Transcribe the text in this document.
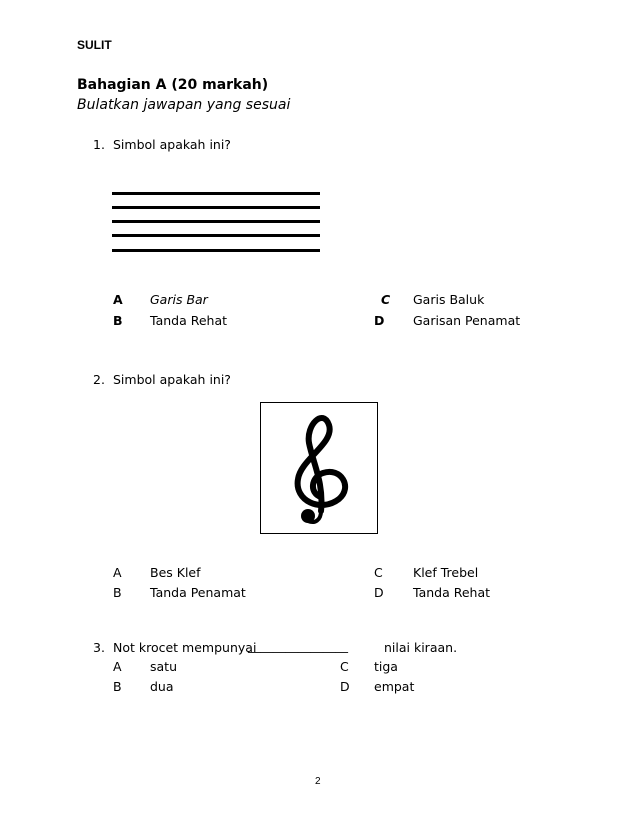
SULIT
Bahagian A (20 markah)
Bulatkan jawapan yang sesuai
1. Simbol apakah ini?
A Garis Bar
B Tanda Rehat
C Garis Baluk
D Garisan Penamat
2. Simbol apakah ini?
A Bes Klef
B Tanda Penamat
C Klef Trebel
D Tanda Rehat
3. Not krocet mempunyai
________________	nilai kiraan.
A satu
B dua
C tiga
D empat
2
